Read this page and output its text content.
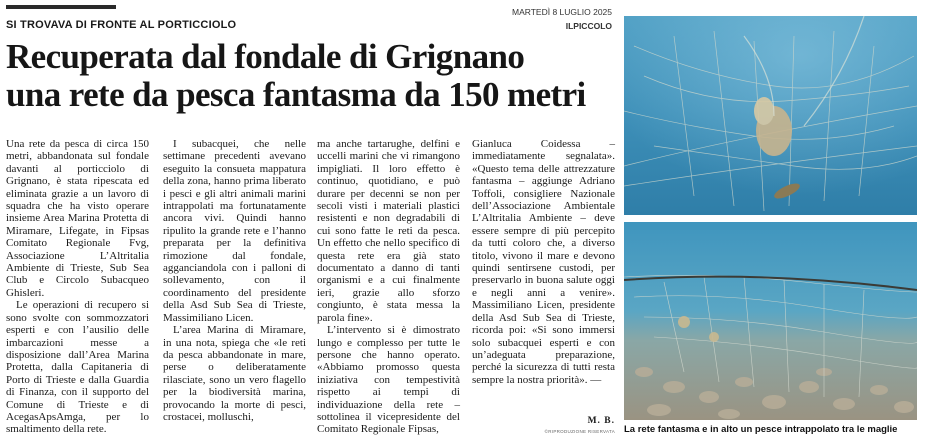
SI TROVAVA DI FRONTE AL PORTICCIOLO
MARTEDÌ 8 LUGLIO 2025
ILPICCOLO
Recuperata dal fondale di Grignano
una rete da pesca fantasma da 150 metri

Una rete da pesca di circa 150 metri, abbandonata sul fondale davanti al porticciolo di Grignano, è stata ripescata ed eliminata grazie a un lavoro di squadra che ha visto operare insieme Area Marina Protetta di Miramare, Lifegate, in Fipsas Comitato Regionale Fvg, Associazione L’Altritalia Ambiente di Trieste, Sub Sea Club e Circolo Subacqueo Ghisleri.

Le operazioni di recupero si sono svolte con sommozzatori esperti e con l’ausilio delle imbarcazioni messe a disposizione dall’Area Marina Protetta, dalla Capitaneria di Porto di Trieste e dalla Guardia di Finanza, con il supporto del Comune di Trieste e di AcegasApsAmga, per lo smaltimento della rete.

I subacquei, che nelle settimane precedenti avevano eseguito la consueta mappatura della zona, hanno prima liberato i pesci e gli altri animali marini intrappolati ma fortunatamente ancora vivi. Quindi hanno ripulito la grande rete e l’hanno preparata per la definitiva rimozione dal fondale, agganciandola con i palloni di sollevamento, con il coordinamento del presidente della Asd Sub Sea di Trieste, Massimiliano Licen.

L’area Marina di Miramare, in una nota, spiega che «le reti da pesca abbandonate in mare, perse o deliberatamente rilasciate, sono un vero flagello per la biodiversità marina, provocando la morte di pesci, crostacei, molluschi,

ma anche tartarughe, delfini e uccelli marini che vi rimangono impigliati. Il loro effetto è continuo, quotidiano, e può durare per decenni se non per secoli visti i materiali plastici resistenti e non degradabili di cui sono fatte le reti da pesca. Un effetto che nello specifico di questa rete era già stato documentato a danno di tanti organismi e a cui finalmente ieri, grazie allo sforzo congiunto, è stata messa la parola fine».

L’intervento si è dimostrato lungo e complesso per tutte le persone che hanno operato. «Abbiamo promosso questa iniziativa con tempestività rispetto ai tempi di individuazione della rete – sottolinea il vicepresidente del Comitato Regionale Fipsas,

Gianluca Coidessa – immediatamente segnalata». «Questo tema delle attrezzature fantasma – aggiunge Adriano Toffoli, consigliere Nazionale dell’Associazione Ambientale L’Altritalia Ambiente – deve essere sempre di più percepito da tutti coloro che, a diverso titolo, vivono il mare e devono quindi sentirsene custodi, per preservarlo in buona salute oggi e negli anni a venire». Massimiliano Licen, presidente della Asd Sub Sea di Trieste, ricorda poi: «Si sono immersi solo subacquei esperti e con un’adeguata preparazione, perché la sicurezza di tutti resta sempre la nostra priorità». —

M. B.
©RIPRODUZIONE RISERVATA La rete fantasma e in alto un pesce intrappolato tra le maglie
